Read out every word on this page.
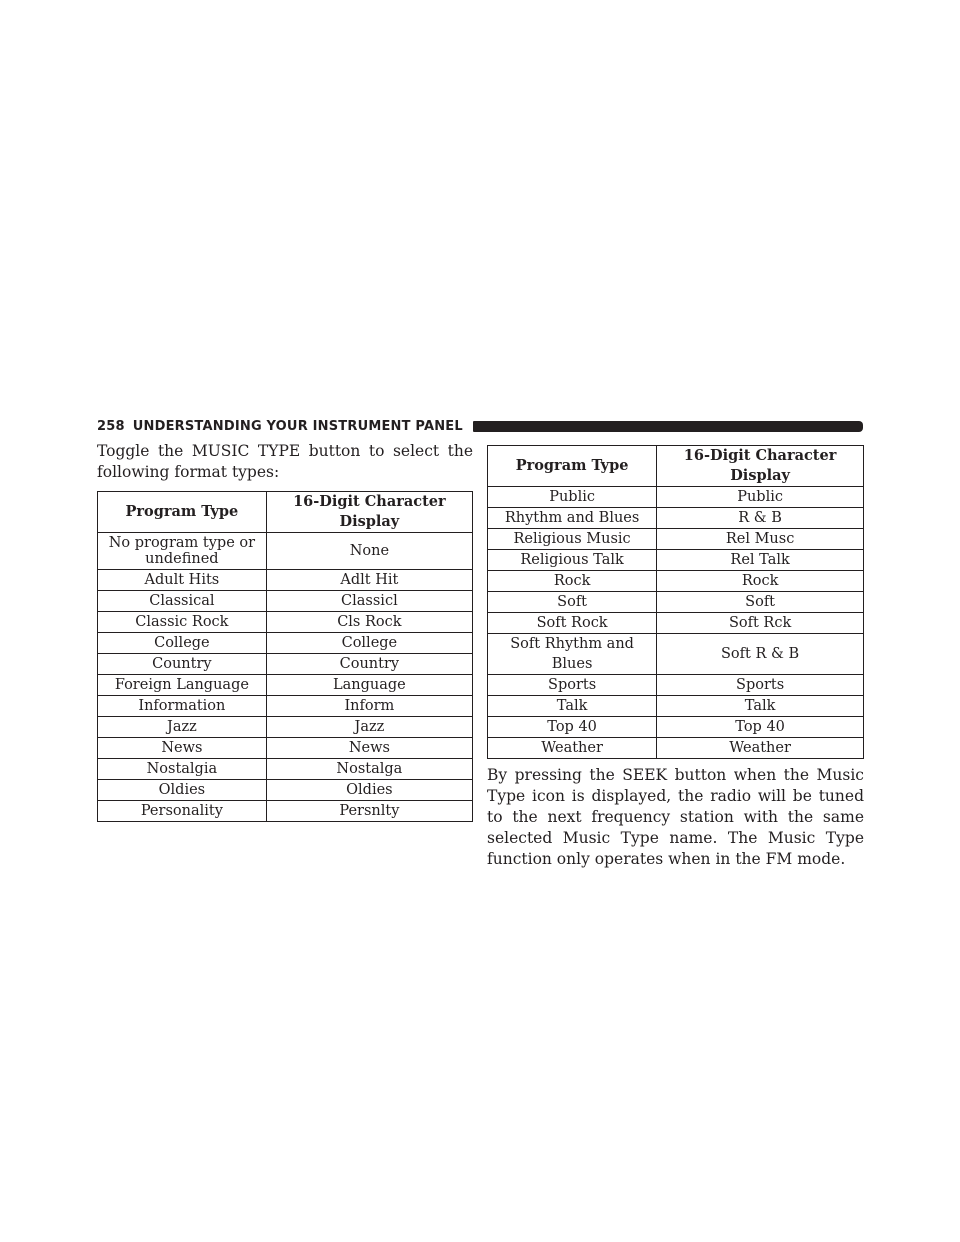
258 UNDERSTANDING YOUR INSTRUMENT PANEL

Toggle the MUSIC TYPE button to select the following format types:

Program Type	16-Digit Character Display
No program type or undefined	None
Adult Hits	Adlt Hit
Classical	Classicl
Classic Rock	Cls Rock
College	College
Country	Country
Foreign Language	Language
Information	Inform
Jazz	Jazz
News	News
Nostalgia	Nostalga
Oldies	Oldies
Personality	Persnlty
Program Type	16-Digit Character Display
Public	Public
Rhythm and Blues	R & B
Religious Music	Rel Musc
Religious Talk	Rel Talk
Rock	Rock
Soft	Soft
Soft Rock	Soft Rck
Soft Rhythm and Blues	Soft R & B
Sports	Sports
Talk	Talk
Top 40	Top 40
Weather	Weather

By pressing the SEEK button when the Music Type icon is displayed, the radio will be tuned to the next frequency station with the same selected Music Type name. The Music Type function only operates when in the FM mode.
